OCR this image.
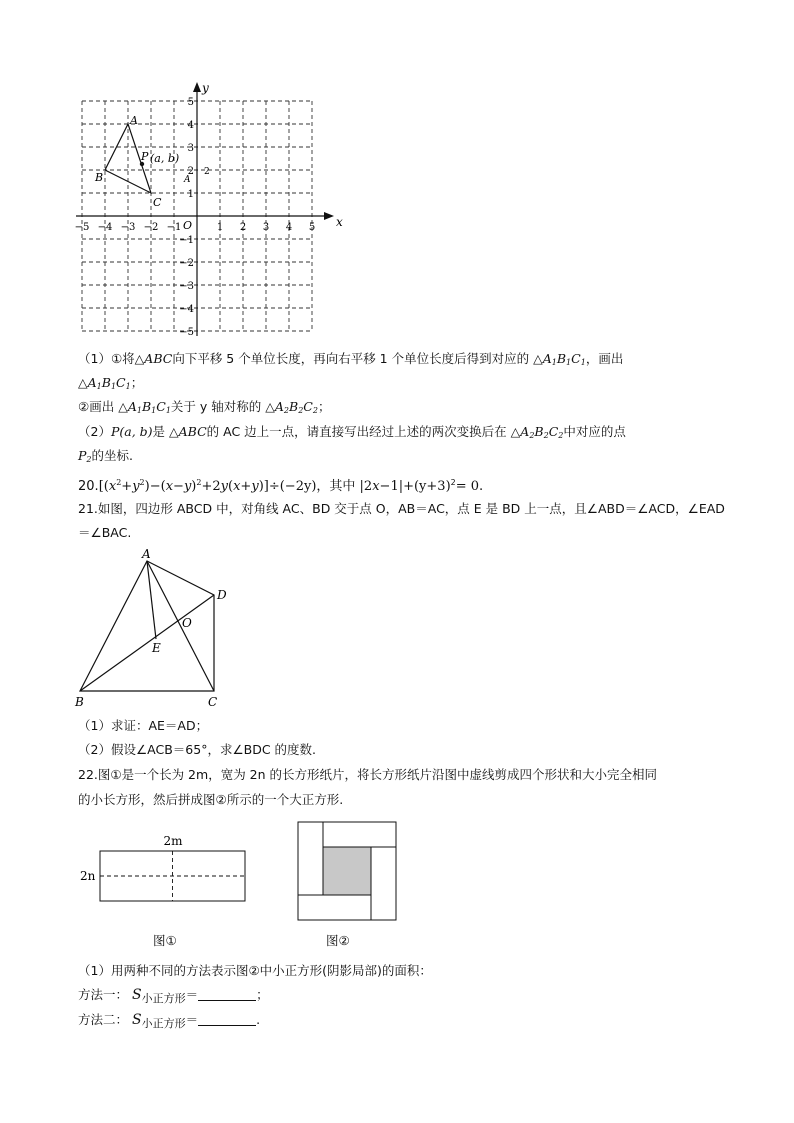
x
y
O
−5 −4 −3 −2 −1	1 2 3 4 5
5
4
3
2
1
−1
−2
−3
−4
−5
A
B
C
P (a, b)
A
2
（1）①将​△ABC向下平移 5 个单位长度，再向右平移 1 个单位长度后得到对应的 $\triangle A_1B_1C_1$，画出
$\triangle A_1B_1C_1$；
②画出 $\triangle A_1B_1C_1$关于 y 轴对称的 $\triangle A_2B_2C_2$；
（2）P(a, b)是 △ABC的 AC 边上一点，请直接写出经过上述的两次变换后在 $\triangle A_2B_2C_2$中对应的点
$P_2$的坐标.
$20.[(x^2+y^2)-(x-y)^2+2y(x+y)]\div(-2y)$，其中 $|2x-1|+(y+3)^2= 0$.
21.如图，四边形 ABCD 中，对角线 AC、BD 交于点 O，AB＝AC，点 E 是 BD 上一点，且∠ABD＝∠ACD，∠EAD
＝∠BAC.
A
B	C
D
E
O
（1）求证：AE＝AD；
（2）假设∠ACB＝65°，求∠BDC 的度数.
22.图①是一个长为 2m，宽为 2n 的长方形纸片，将长方形纸片沿图中虚线剪成四个形状和大小完全相同
的小长方形，然后拼成图②所示的一个大正方形.
2m
2n
图①	图②
（1）用两种不同的方法表示图②中小正方形(阴影局部)的面积：
方法一： S小正方形＝	；
方法二： S小正方形＝	.
